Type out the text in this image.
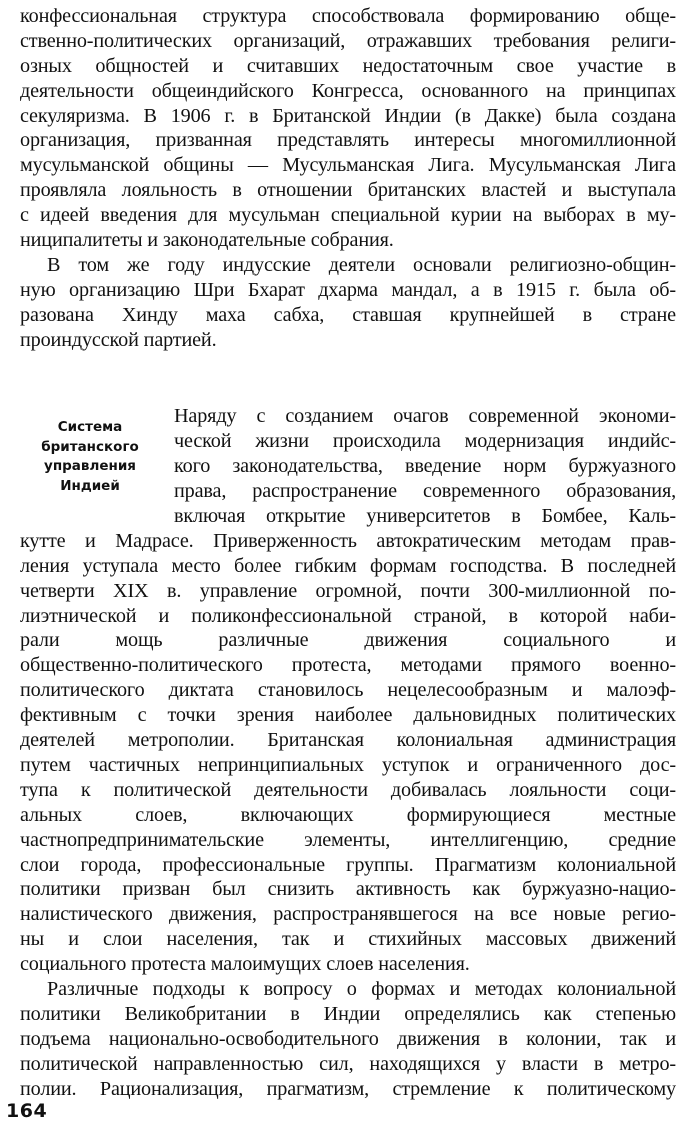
конфессиональная структура способствовала формированию обще-
ственно-политических организаций, отражавших требования религи-
озных общностей и считавших недостаточным свое участие в
деятельности общеиндийского Конгресса, основанного на принципах
секуляризма. В 1906 г. в Британской Индии (в Дакке) была создана
организация, призванная представлять интересы многомиллионной
мусульманской общины — Мусульманская Лига. Мусульманская Лига
проявляла лояльность в отношении британских властей и выступала
с идеей введения для мусульман специальной курии на выборах в му-
ниципалитеты и законодательные собрания.
В том же году индусские деятели основали религиозно-общин-
ную организацию Шри Бхарат дхарма мандал, а в 1915 г. была об-
разована Хинду маха сабха, ставшая крупнейшей в стране
проиндусской партией.
Система
британского
управления
Индией
Наряду с созданием очагов современной экономи-
ческой жизни происходила модернизация индийс-
кого законодательства, введение норм буржуазного
права, распространение современного образования,
включая открытие университетов в Бомбее, Каль-
кутте и Мадрасе. Приверженность автократическим методам прав-
ления уступала место более гибким формам господства. В последней
четверти XIX в. управление огромной, почти 300-миллионной по-
лиэтнической и поликонфессиональной страной, в которой наби-
рали мощь различные движения социального и
общественно-политического протеста, методами прямого военно-
политического диктата становилось нецелесообразным и малоэф-
фективным с точки зрения наиболее дальновидных политических
деятелей метрополии. Британская колониальная администрация
путем частичных непринципиальных уступок и ограниченного дос-
тупа к политической деятельности добивалась лояльности соци-
альных слоев, включающих формирующиеся местные
частнопредпринимательские элементы, интеллигенцию, средние
слои города, профессиональные группы. Прагматизм колониальной
политики призван был снизить активность как буржуазно-нацио-
налистического движения, распространявшегося на все новые регио-
ны и слои населения, так и стихийных массовых движений
социального протеста малоимущих слоев населения.
Различные подходы к вопросу о формах и методах колониальной
политики Великобритании в Индии определялись как степенью
подъема национально-освободительного движения в колонии, так и
политической направленностью сил, находящихся у власти в метро-
полии. Рационализация, прагматизм, стремление к политическому
164
